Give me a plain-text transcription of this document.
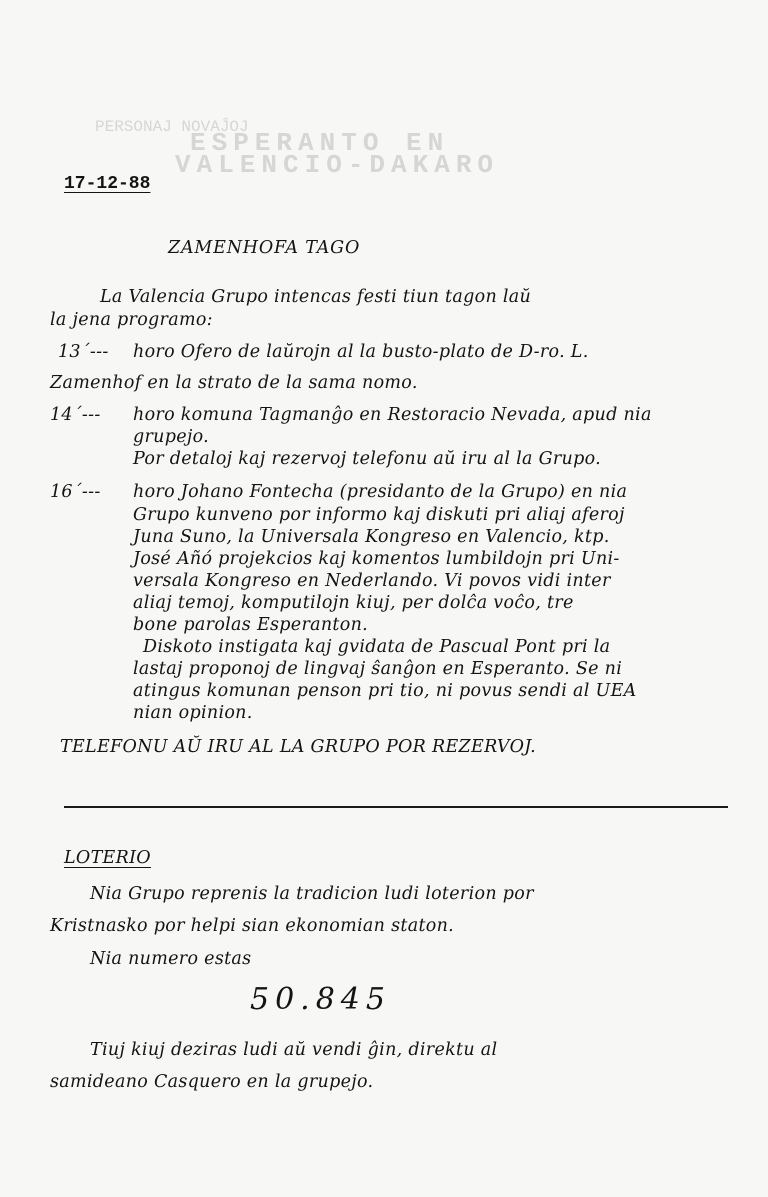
ESPERANTO EN
VALENCIO-DAKARO
PERSONAJ NOVAĴOJ
17-12-88
ZAMENHOFA TAGO
La Valencia Grupo intencas festi tiun tagon laŭ
la jena programo:
13´--- horo Ofero de laŭrojn al la busto-plato de D-ro. L.
Zamenhof en la strato de la sama nomo.
14´--- horo komuna Tagmanĝo en Restoracio Nevada, apud nia
grupejo.
Por detaloj kaj rezervoj telefonu aŭ iru al la Grupo.
16´--- horo Johano Fontecha (presidanto de la Grupo) en nia
Grupo kunveno por informo kaj diskuti pri aliaj aferoj
Juna Suno, la Universala Kongreso en Valencio, ktp.
José Añó projekcios kaj komentos lumbildojn pri Uni-
versala Kongreso en Nederlando. Vi povos vidi inter
aliaj temoj, komputilojn kiuj, per dolĉa voĉo, tre
bone parolas Esperanton.
Diskoto instigata kaj gvidata de Pascual Pont pri la
lastaj proponoj de lingvaj ŝanĝon en Esperanto. Se ni
atingus komunan penson pri tio, ni povus sendi al UEA
nian opinion.
TELEFONU AŬ IRU AL LA GRUPO POR REZERVOJ.
LOTERIO
Nia Grupo reprenis la tradicion ludi loterion por
Kristnasko por helpi sian ekonomian staton.
Nia numero estas
50.845
Tiuj kiuj deziras ludi aŭ vendi ĝin, direktu al
samideano Casquero en la grupejo.
